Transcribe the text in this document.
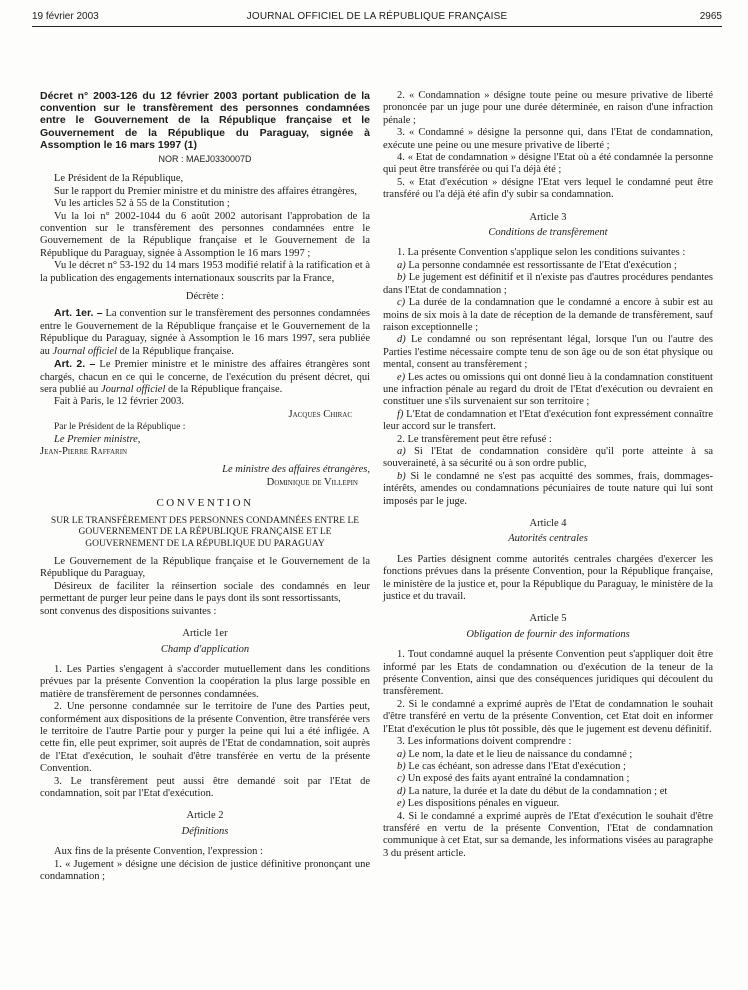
19 février 2003	JOURNAL OFFICIEL DE LA RÉPUBLIQUE FRANÇAISE	2965

Décret n° 2003-126 du 12 février 2003 portant publication de la convention sur le transfèrement des personnes condamnées entre le Gouvernement de la République française et le Gouvernement de la République du Paraguay, signée à Assomption le 16 mars 1997 (1)

NOR : MAEJ0330007D

Le Président de la République,

Sur le rapport du Premier ministre et du ministre des affaires étrangères,

Vu les articles 52 à 55 de la Constitution ;

Vu la loi n° 2002-1044 du 6 août 2002 autorisant l'approbation de la convention sur le transfèrement des personnes condamnées entre le Gouvernement de la République française et le Gouvernement de la République du Paraguay, signée à Assomption le 16 mars 1997 ;

Vu le décret n° 53-192 du 14 mars 1953 modifié relatif à la ratification et à la publication des engagements internationaux souscrits par la France,

Décrète :

Art. 1er. – La convention sur le transfèrement des personnes condamnées entre le Gouvernement de la République française et le Gouvernement de la République du Paraguay, signée à Assomption le 16 mars 1997, sera publiée au Journal officiel de la République française.

Art. 2. – Le Premier ministre et le ministre des affaires étrangères sont chargés, chacun en ce qui le concerne, de l'exécution du présent décret, qui sera publié au Journal officiel de la République française.

Fait à Paris, le 12 février 2003.

Jacques Chirac

Par le Président de la République :

Le Premier ministre,

Jean-Pierre Raffarin

Le ministre des affaires étrangères,

Dominique de Villepin

CONVENTION

SUR LE TRANSFÈREMENT DES PERSONNES CONDAMNÉES ENTRE LE GOUVERNEMENT DE LA RÉPUBLIQUE FRANÇAISE ET LE GOUVERNEMENT DE LA RÉPUBLIQUE DU PARAGUAY

Le Gouvernement de la République française et le Gouvernement de la République du Paraguay,

Désireux de faciliter la réinsertion sociale des condamnés en leur permettant de purger leur peine dans le pays dont ils sont ressortissants,

sont convenus des dispositions suivantes :

Article 1er

Champ d'application

1. Les Parties s'engagent à s'accorder mutuellement dans les conditions prévues par la présente Convention la coopération la plus large possible en matière de transfèrement de personnes condamnées.

2. Une personne condamnée sur le territoire de l'une des Parties peut, conformément aux dispositions de la présente Convention, être transférée vers le territoire de l'autre Partie pour y purger la peine qui lui a été infligée. A cette fin, elle peut exprimer, soit auprès de l'Etat de condamnation, soit auprès de l'Etat d'exécution, le souhait d'être transférée en vertu de la présente Convention.

3. Le transfèrement peut aussi être demandé soit par l'Etat de condamnation, soit par l'Etat d'exécution.

Article 2

Définitions

Aux fins de la présente Convention, l'expression :

1. « Jugement » désigne une décision de justice définitive prononçant une condamnation ;

2. « Condamnation » désigne toute peine ou mesure privative de liberté prononcée par un juge pour une durée déterminée, en raison d'une infraction pénale ;

3. « Condamné » désigne la personne qui, dans l'Etat de condamnation, exécute une peine ou une mesure privative de liberté ;

4. « Etat de condamnation » désigne l'Etat où a été condamnée la personne qui peut être transférée ou qui l'a déjà été ;

5. « Etat d'exécution » désigne l'Etat vers lequel le condamné peut être transféré ou l'a déjà été afin d'y subir sa condamnation.

Article 3

Conditions de transfèrement

1. La présente Convention s'applique selon les conditions suivantes :

a) La personne condamnée est ressortissante de l'Etat d'exécution ;

b) Le jugement est définitif et il n'existe pas d'autres procédures pendantes dans l'Etat de condamnation ;

c) La durée de la condamnation que le condamné a encore à subir est au moins de six mois à la date de réception de la demande de transfèrement, sauf raison exceptionnelle ;

d) Le condamné ou son représentant légal, lorsque l'un ou l'autre des Parties l'estime nécessaire compte tenu de son âge ou de son état physique ou mental, consent au transfèrement ;

e) Les actes ou omissions qui ont donné lieu à la condamnation constituent une infraction pénale au regard du droit de l'Etat d'exécution ou devraient en constituer une s'ils survenaient sur son territoire ;

f) L'Etat de condamnation et l'Etat d'exécution font expressément connaître leur accord sur le transfert.

2. Le transfèrement peut être refusé :

a) Si l'Etat de condamnation considère qu'il porte atteinte à sa souveraineté, à sa sécurité ou à son ordre public,

b) Si le condamné ne s'est pas acquitté des sommes, frais, dommages-intérêts, amendes ou condamnations pécuniaires de toute nature qui lui sont imposés par le juge.

Article 4

Autorités centrales

Les Parties désignent comme autorités centrales chargées d'exercer les fonctions prévues dans la présente Convention, pour la République française, le ministère de la justice et, pour la République du Paraguay, le ministère de la justice et du travail.

Article 5

Obligation de fournir des informations

1. Tout condamné auquel la présente Convention peut s'appliquer doit être informé par les Etats de condamnation ou d'exécution de la teneur de la présente Convention, ainsi que des conséquences juridiques qui découlent du transfèrement.

2. Si le condamné a exprimé auprès de l'Etat de condamnation le souhait d'être transféré en vertu de la présente Convention, cet Etat doit en informer l'Etat d'exécution le plus tôt possible, dès que le jugement est devenu définitif.

3. Les informations doivent comprendre :

a) Le nom, la date et le lieu de naissance du condamné ;

b) Le cas échéant, son adresse dans l'Etat d'exécution ;

c) Un exposé des faits ayant entraîné la condamnation ;

d) La nature, la durée et la date du début de la condamnation ; et

e) Les dispositions pénales en vigueur.

4. Si le condamné a exprimé auprès de l'Etat d'exécution le souhait d'être transféré en vertu de la présente Convention, l'Etat de condamnation communique à cet Etat, sur sa demande, les informations visées au paragraphe 3 du présent article.
